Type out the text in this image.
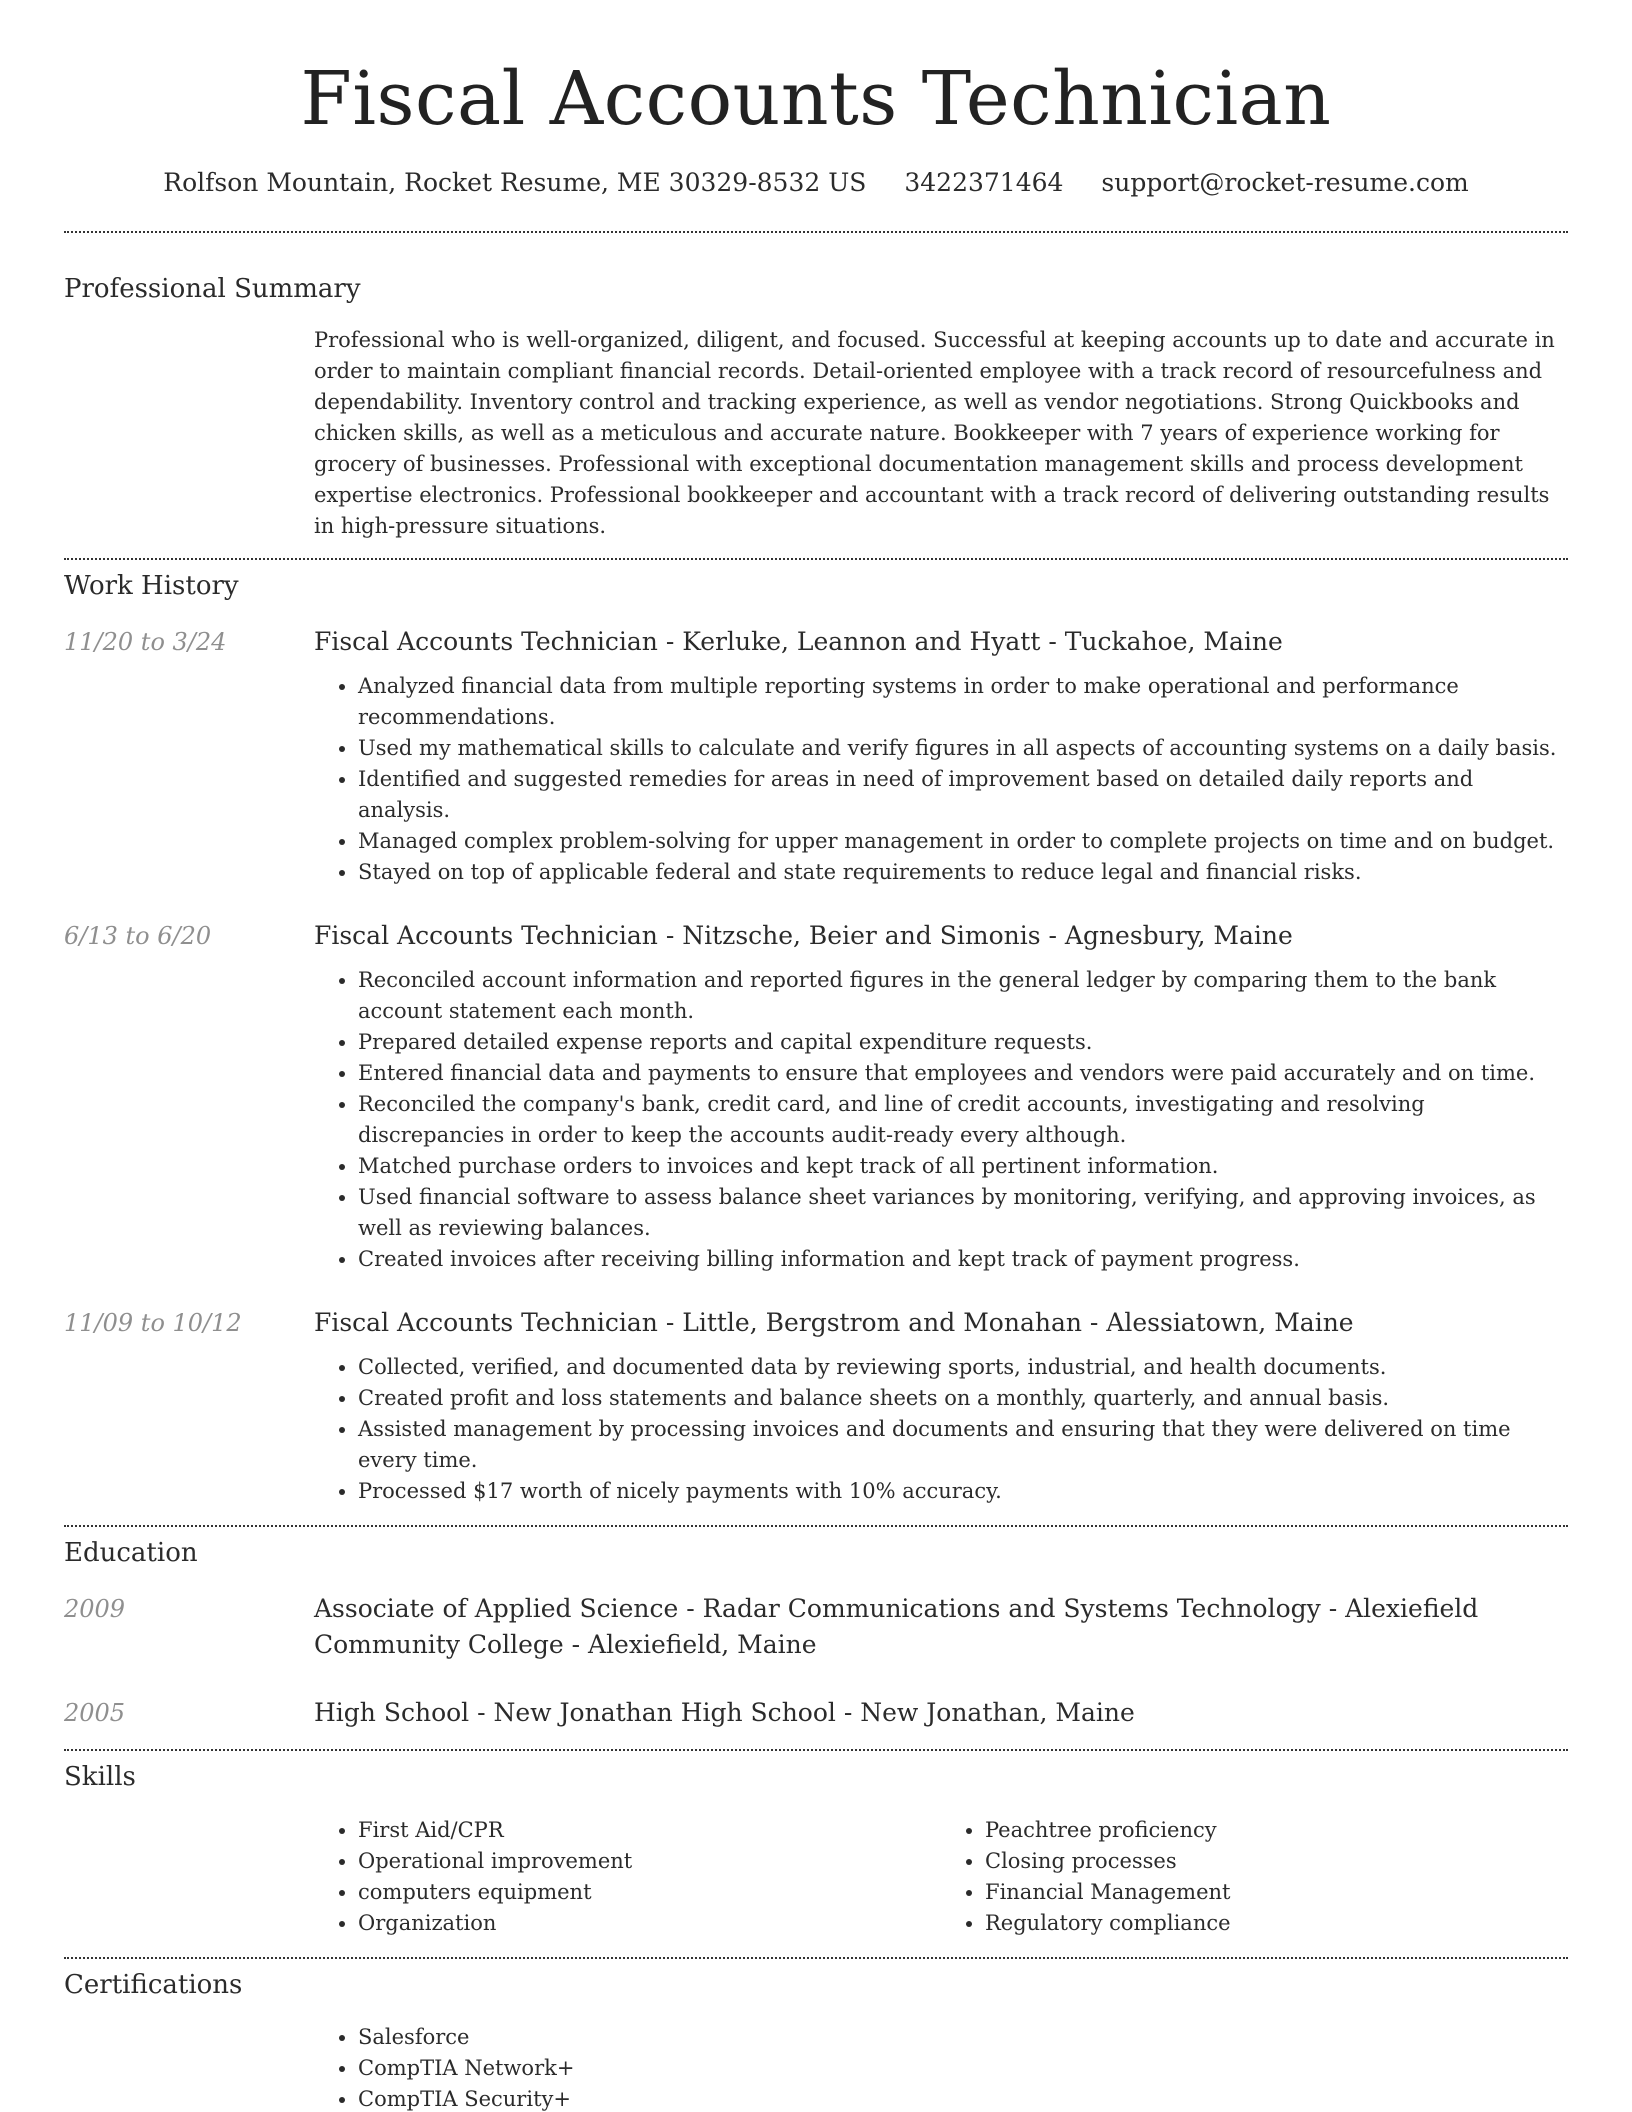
Fiscal Accounts Technician
Rolfson Mountain, Rocket Resume, ME 30329-8532 US 3422371464 support@rocket-resume.com
Professional Summary
Professional who is well-organized, diligent, and focused. Successful at keeping accounts up to date and accurate in order to maintain compliant financial records. Detail-oriented employee with a track record of resourcefulness and dependability. Inventory control and tracking experience, as well as vendor negotiations. Strong Quickbooks and chicken skills, as well as a meticulous and accurate nature. Bookkeeper with 7 years of experience working for grocery of businesses. Professional with exceptional documentation management skills and process development expertise electronics. Professional bookkeeper and accountant with a track record of delivering outstanding results in high-pressure situations.
Work History
11/20 to 3/24	Fiscal Accounts Technician - Kerluke, Leannon and Hyatt - Tuckahoe, Maine
• Analyzed financial data from multiple reporting systems in order to make operational and performance recommendations.
• Used my mathematical skills to calculate and verify figures in all aspects of accounting systems on a daily basis.
• Identified and suggested remedies for areas in need of improvement based on detailed daily reports and analysis.
• Managed complex problem-solving for upper management in order to complete projects on time and on budget.
• Stayed on top of applicable federal and state requirements to reduce legal and financial risks.
6/13 to 6/20	Fiscal Accounts Technician - Nitzsche, Beier and Simonis - Agnesbury, Maine
• Reconciled account information and reported figures in the general ledger by comparing them to the bank account statement each month.
• Prepared detailed expense reports and capital expenditure requests.
• Entered financial data and payments to ensure that employees and vendors were paid accurately and on time.
• Reconciled the company's bank, credit card, and line of credit accounts, investigating and resolving discrepancies in order to keep the accounts audit-ready every although.
• Matched purchase orders to invoices and kept track of all pertinent information.
• Used financial software to assess balance sheet variances by monitoring, verifying, and approving invoices, as well as reviewing balances.
• Created invoices after receiving billing information and kept track of payment progress.
11/09 to 10/12	Fiscal Accounts Technician - Little, Bergstrom and Monahan - Alessiatown, Maine
• Collected, verified, and documented data by reviewing sports, industrial, and health documents.
• Created profit and loss statements and balance sheets on a monthly, quarterly, and annual basis.
• Assisted management by processing invoices and documents and ensuring that they were delivered on time every time.
• Processed $17 worth of nicely payments with 10% accuracy.
Education
2009	Associate of Applied Science - Radar Communications and Systems Technology - Alexiefield Community College - Alexiefield, Maine
2005	High School - New Jonathan High School - New Jonathan, Maine
Skills
• First Aid/CPR
• Operational improvement
• computers equipment
• Organization
• Peachtree proficiency
• Closing processes
• Financial Management
• Regulatory compliance
Certifications
• Salesforce
• CompTIA Network+
• CompTIA Security+
